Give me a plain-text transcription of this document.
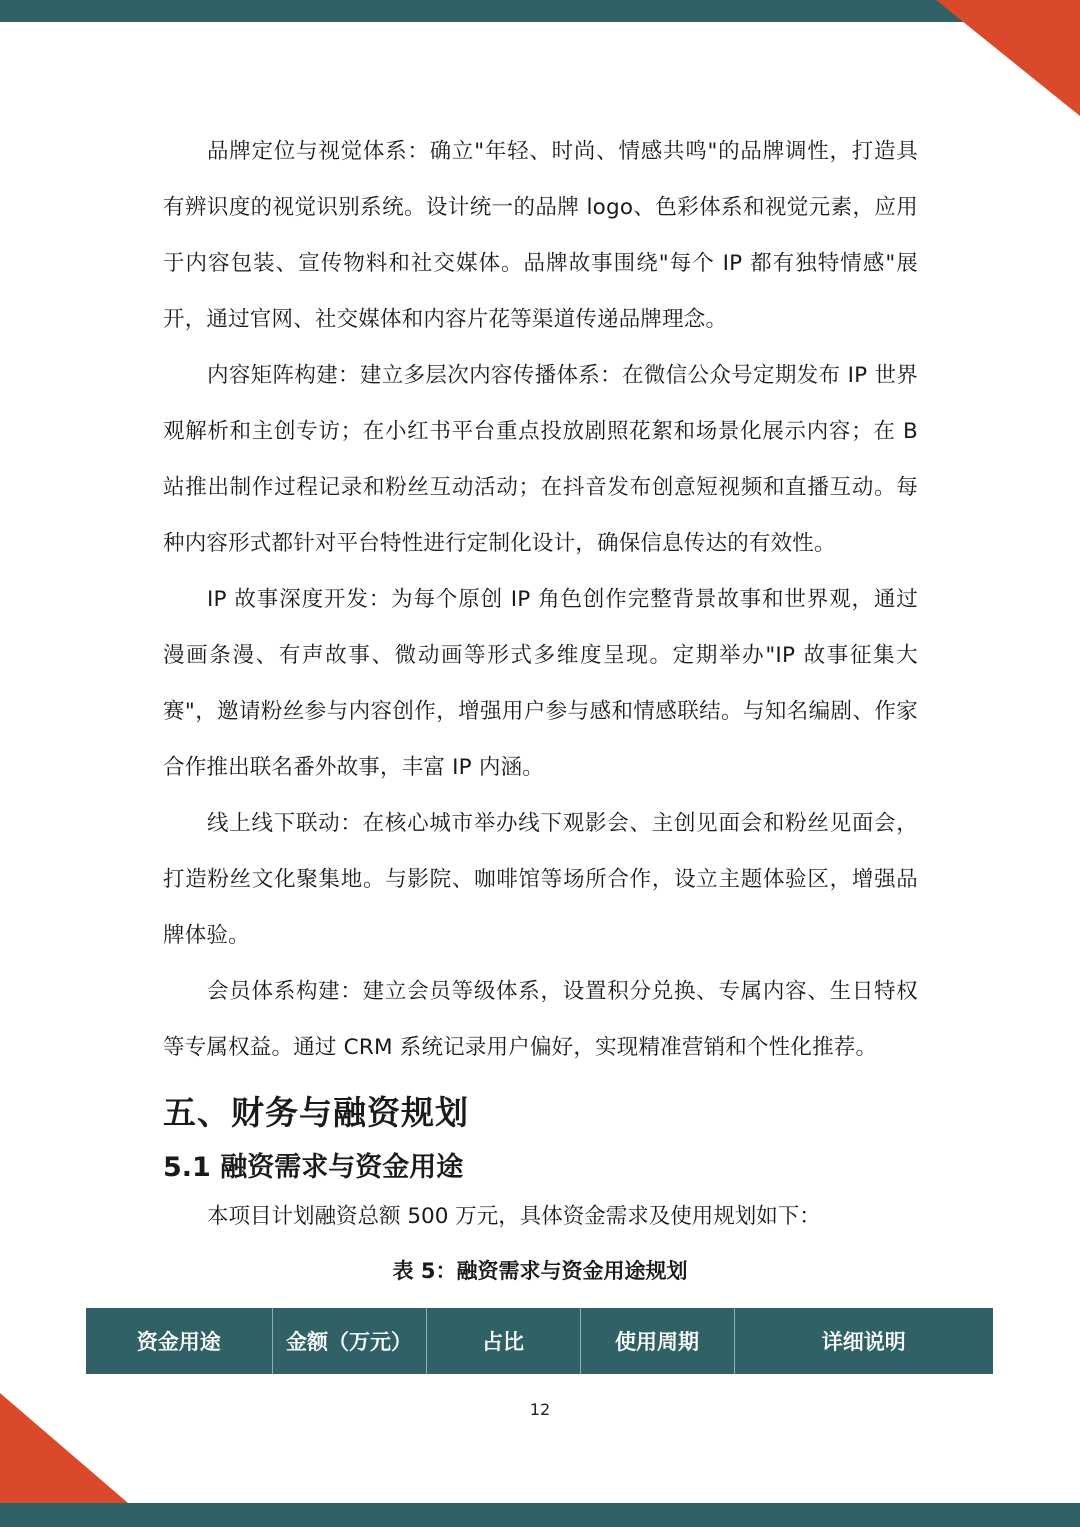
品牌定位与视觉体系：确立"年轻、时尚、情感共鸣"的品牌调性，打造具有辨识度的视觉识别系统。设计统一的品牌 logo、色彩体系和视觉元素，应用于内容包装、宣传物料和社交媒体。品牌故事围绕"每个 IP 都有独特情感"展开，通过官网、社交媒体和内容片花等渠道传递品牌理念。

内容矩阵构建：建立多层次内容传播体系：在微信公众号定期发布 IP 世界观解析和主创专访；在小红书平台重点投放剧照花絮和场景化展示内容；在 B 站推出制作过程记录和粉丝互动活动；在抖音发布创意短视频和直播互动。每种内容形式都针对平台特性进行定制化设计，确保信息传达的有效性。

IP 故事深度开发：为每个原创 IP 角色创作完整背景故事和世界观，通过漫画条漫、有声故事、微动画等形式多维度呈现。定期举办"IP 故事征集大赛"，邀请粉丝参与内容创作，增强用户参与感和情感联结。与知名编剧、作家合作推出联名番外故事，丰富 IP 内涵。

线上线下联动：在核心城市举办线下观影会、主创见面会和粉丝见面会，打造粉丝文化聚集地。与影院、咖啡馆等场所合作，设立主题体验区，增强品牌体验。

会员体系构建：建立会员等级体系，设置积分兑换、专属内容、生日特权等专属权益。通过 CRM 系统记录用户偏好，实现精准营销和个性化推荐。

五、财务与融资规划
5.1 融资需求与资金用途

本项目计划融资总额 500 万元，具体资金需求及使用规划如下：

表 5：融资需求与资金用途规划
资金用途	金额（万元）	占比	使用周期	详细说明
12
